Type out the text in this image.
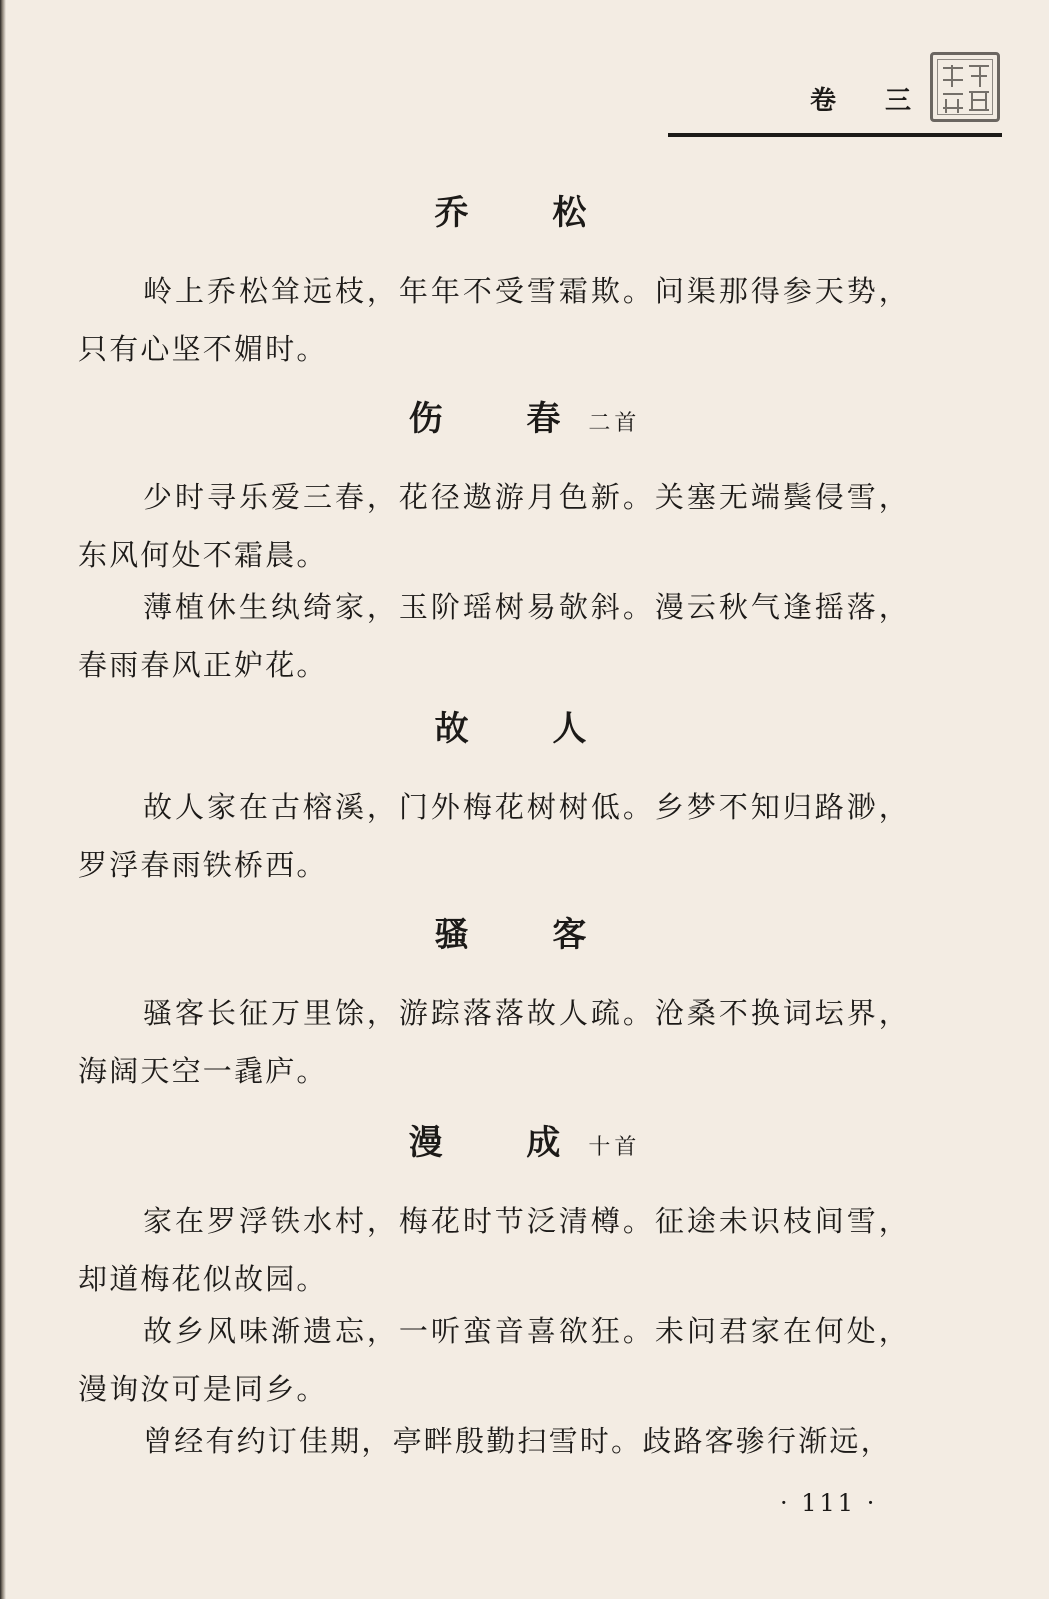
卷 三
乔 松
岭上乔松耸远枝，年年不受雪霜欺。问渠那得参天势，只有心坚不媚时。
伤 春二首
少时寻乐爱三春，花径遨游月色新。关塞无端鬓侵雪，东风何处不霜晨。
薄植休生纨绮家，玉阶瑶树易欹斜。漫云秋气逢摇落，春雨春风正妒花。
故 人
故人家在古榕溪，门外梅花树树低。乡梦不知归路渺，罗浮春雨铁桥西。
骚 客
骚客长征万里馀，游踪落落故人疏。沧桑不换词坛界，海阔天空一毳庐。
漫 成十首
家在罗浮铁水村，梅花时节泛清樽。征途未识枝间雪，却道梅花似故园。
故乡风味渐遗忘，一听蛮音喜欲狂。未问君家在何处，漫询汝可是同乡。
曾经有约订佳期，亭畔殷勤扫雪时。歧路客骖行渐远，
· 111 ·
